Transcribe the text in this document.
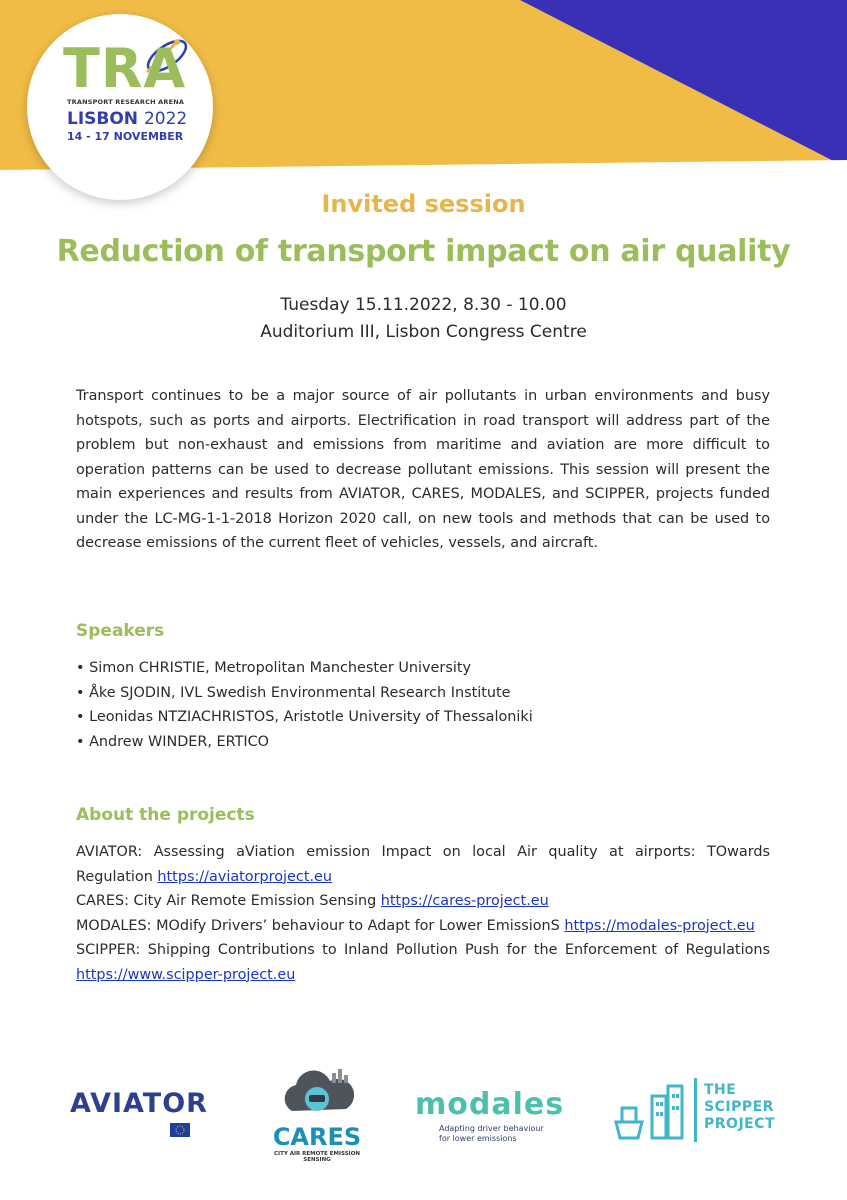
TRA
TRANSPORT RESEARCH ARENA
LISBON 2022
14 - 17 NOVEMBER
Invited session
Reduction of transport impact on air quality
Tuesday 15.11.2022, 8.30 - 10.00
Auditorium III, Lisbon Congress Centre
Transport continues to be a major source of air pollutants in urban environments and busy hotspots, such as ports and airports. Electrification in road transport will address part of the problem but non-exhaust and emissions from maritime and aviation are more difficult to operation patterns can be used to decrease pollutant emissions. This session will present the main experiences and results from AVIATOR, CARES, MODALES, and SCIPPER, projects funded under the LC-MG-1-1-2018 Horizon 2020 call, on new tools and methods that can be used to decrease emissions of the current fleet of vehicles, vessels, and aircraft.
Speakers
• Simon CHRISTIE, Metropolitan Manchester University
• Åke SJODIN, IVL Swedish Environmental Research Institute
• Leonidas NTZIACHRISTOS, Aristotle University of Thessaloniki
• Andrew WINDER, ERTICO
About the projects

AVIATOR: Assessing aViation emission Impact on local Air quality at airports: TOwards Regulation https://aviatorproject.eu

CARES: City Air Remote Emission Sensing https://cares-project.eu

MODALES: MOdify Drivers’ behaviour to Adapt for Lower EmissionS https://modales-project.eu

SCIPPER: Shipping Contributions to Inland Pollution Push for the Enforcement of Regulations https://www.scipper-project.eu

AVIATOR
CARES
CITY AIR REMOTE EMISSION SENSING
modales
Adapting driver behaviour
for lower emissions
THE
SCIPPER
PROJECT
